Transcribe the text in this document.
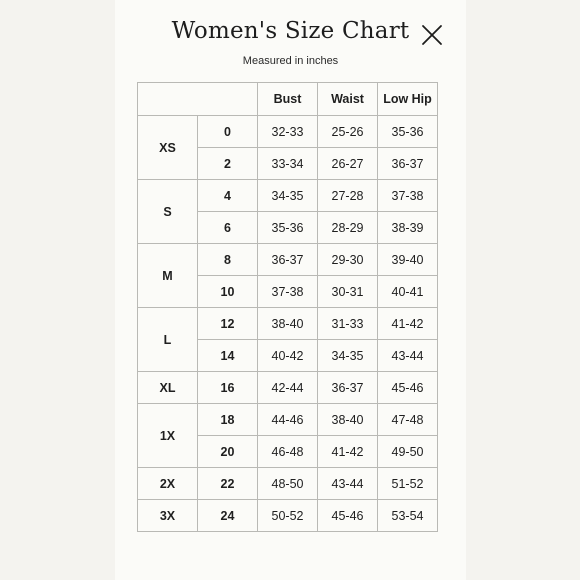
Women's Size Chart
Measured in inches
		Bust	Waist	Low Hip
XS	0	32-33	25-26	35-36
	2	33-34	26-27	36-37
S	4	34-35	27-28	37-38
	6	35-36	28-29	38-39
M	8	36-37	29-30	39-40
	10	37-38	30-31	40-41
L	12	38-40	31-33	41-42
	14	40-42	34-35	43-44
XL	16	42-44	36-37	45-46
1X	18	44-46	38-40	47-48
	20	46-48	41-42	49-50
2X	22	48-50	43-44	51-52
3X	24	50-52	45-46	53-54
